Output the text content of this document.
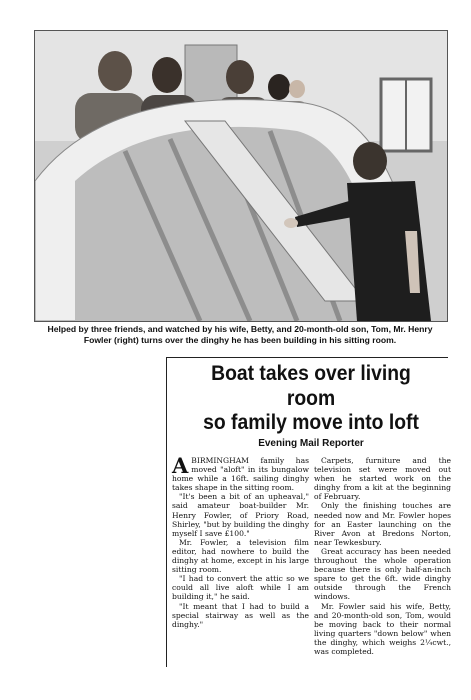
Helped by three friends, and watched by his wife, Betty, and 20-month-old son, Tom, Mr. Henry Fowler (right) turns over the dinghy he has been building in his sitting room.
Boat takes over living room
so family move into loft
Evening Mail Reporter

A BIRMINGHAM family has moved "aloft" in its bungalow home while a 16ft. sailing dinghy takes shape in the sitting room.

"It's been a bit of an upheaval," said amateur boat-builder Mr. Henry Fowler, of Priory Road, Shirley, "but by building the dinghy myself I save £100."

Mr. Fowler, a television film editor, had nowhere to build the dinghy at home, except in his large sitting room.

"I had to convert the attic so we could all live aloft while I am building it," he said.

"It meant that I had to build a special stairway as well as the dinghy."

Carpets, furniture and the television set were moved out when he started work on the dinghy from a kit at the beginning of February.

Only the finishing touches are needed now and Mr. Fowler hopes for an Easter launching on the River Avon at Bredons Norton, near Tewkesbury.

Great accuracy has been needed throughout the whole operation because there is only half-an-inch spare to get the 6ft. wide dinghy outside through the French windows.

Mr. Fowler said his wife, Betty, and 20-month-old son, Tom, would be moving back to their normal living quarters "down below" when the dinghy, which weighs 2¼cwt., was completed.
